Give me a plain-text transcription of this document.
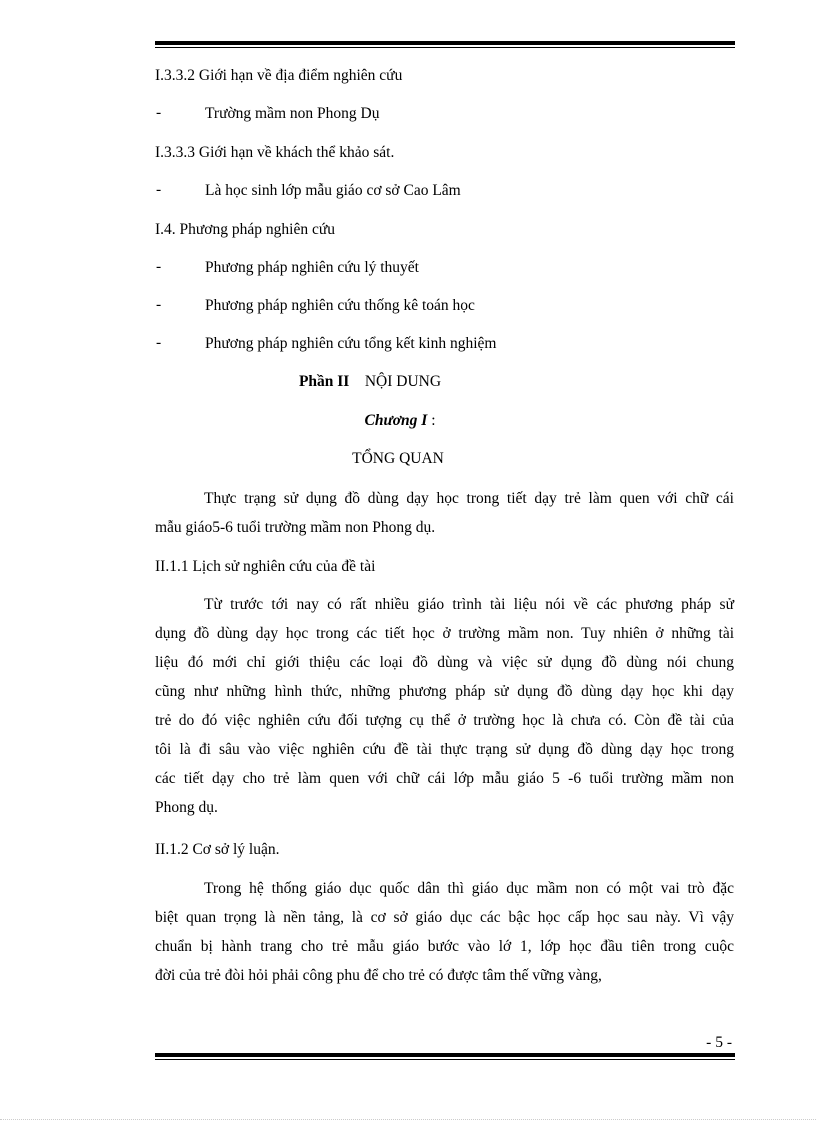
I.3.3.2 Giới hạn về địa điểm nghiên cứu
-	Trường mầm non Phong Dụ
I.3.3.3 Giới hạn về khách thể khảo sát.
-	Là học sinh lớp mẫu giáo cơ sở Cao Lâm
I.4. Phương pháp nghiên cứu
-	Phương pháp nghiên cứu lý thuyết
-	Phương pháp nghiên cứu thống kê toán học
-	Phương pháp nghiên cứu tổng kết kinh nghiệm
Phần II NỘI DUNG
Chương I :
TỔNG QUAN
Thực trạng sử dụng đồ dùng dạy học trong tiết dạy trẻ làm quen với chữ cái
mẫu giáo5-6 tuổi trường mầm non Phong dụ.
II.1.1 Lịch sử nghiên cứu của đề tài
Từ trước tới nay có rất nhiều giáo trình tài liệu nói về các phương pháp sử
dụng đồ dùng dạy học trong các tiết học ở trường mầm non. Tuy nhiên ở những tài
liệu đó mới chỉ giới thiệu các loại đồ dùng và việc sử dụng đồ dùng nói chung
cũng như những hình thức, những phương pháp sử dụng đồ dùng dạy học khi dạy
trẻ do đó việc nghiên cứu đối tượng cụ thể ở trường học là chưa có. Còn đề tài của
tôi là đi sâu vào việc nghiên cứu đề tài thực trạng sử dụng đồ dùng dạy học trong
các tiết dạy cho trẻ làm quen với chữ cái lớp mẫu giáo 5 -6 tuổi trường mầm non
Phong dụ.
II.1.2 Cơ sở lý luận.
Trong hệ thống giáo dục quốc dân thì giáo dục mầm non có một vai trò đặc
biệt quan trọng là nền tảng, là cơ sở giáo dục các bậc học cấp học sau này. Vì vậy
chuẩn bị hành trang cho trẻ mẫu giáo bước vào lớ 1, lớp học đầu tiên trong cuộc
đời của trẻ đòi hỏi phải công phu để cho trẻ có được tâm thế vững vàng,
- 5 -
